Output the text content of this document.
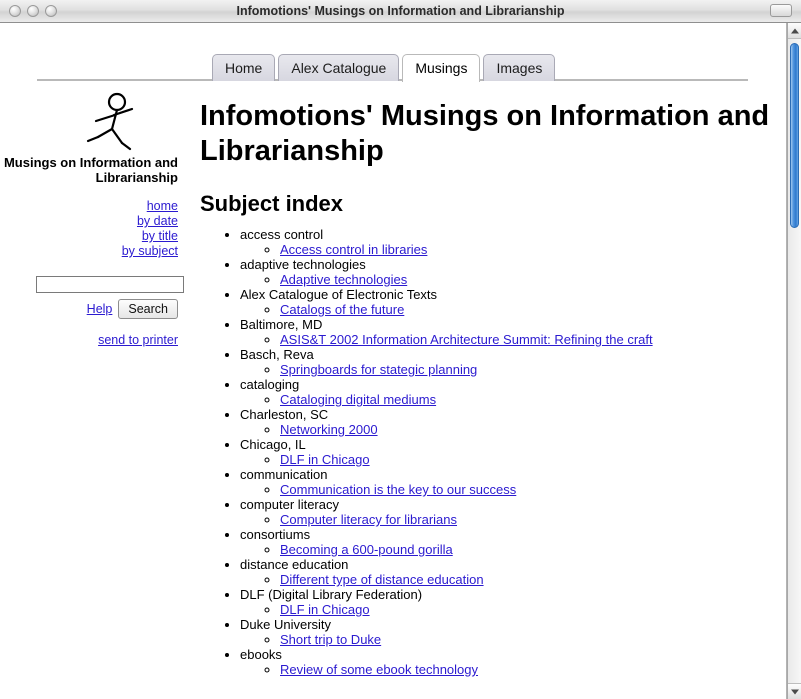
Infomotions' Musings on Information and Librarianship
Home	Alex Catalogue	Musings	Images
Musings on Information and Librarianship
home
by date
by title
by subject
Help	Search
send to printer
Infomotions' Musings on Information and Librarianship
Subject index
• access control
◦ Access control in libraries
• adaptive technologies
◦ Adaptive technologies
• Alex Catalogue of Electronic Texts
◦ Catalogs of the future
• Baltimore, MD
◦ ASIS&T 2002 Information Architecture Summit: Refining the craft
• Basch, Reva
◦ Springboards for stategic planning
• cataloging
◦ Cataloging digital mediums
• Charleston, SC
◦ Networking 2000
• Chicago, IL
◦ DLF in Chicago
• communication
◦ Communication is the key to our success
• computer literacy
◦ Computer literacy for librarians
• consortiums
◦ Becoming a 600-pound gorilla
• distance education
◦ Different type of distance education
• DLF (Digital Library Federation)
◦ DLF in Chicago
• Duke University
◦ Short trip to Duke
• ebooks
◦ Review of some ebook technology
